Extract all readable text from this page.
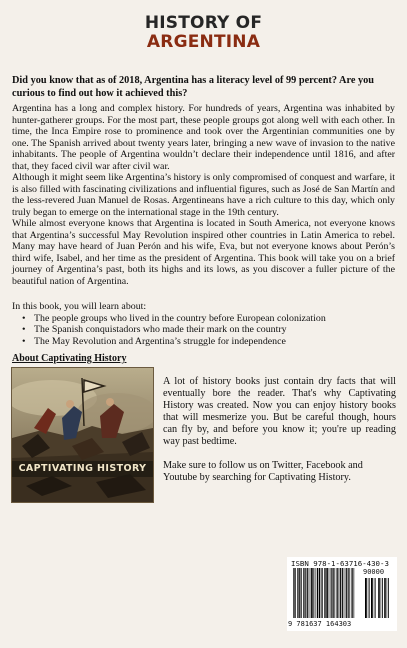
HISTORY OF
ARGENTINA
Did you know that as of 2018, Argentina has a literacy level of 99 percent? Are you curious to find out how it achieved this?

Argentina has a long and complex history. For hundreds of years, Argentina was inhabited by hunter-gatherer groups. For the most part, these people groups got along well with each other. In time, the Inca Empire rose to prominence and took over the Argentinian communities one by one. The Spanish arrived about twenty years later, bringing a new wave of invasion to the native inhabitants. The people of Argentina wouldn’t declare their independence until 1816, and after that, they faced civil war after civil war.

Although it might seem like Argentina’s history is only compromised of conquest and warfare, it is also filled with fascinating civilizations and influential figures, such as José de San Martín and the less-revered Juan Manuel de Rosas. Argentineans have a rich culture to this day, which only truly began to emerge on the international stage in the 19th century.

While almost everyone knows that Argentina is located in South America, not everyone knows that Argentina’s successful May Revolution inspired other countries in Latin America to rebel. Many may have heard of Juan Perón and his wife, Eva, but not everyone knows about Perón’s third wife, Isabel, and her time as the president of Argentina. This book will take you on a brief journey of Argentina’s past, both its highs and its lows, as you discover a fuller picture of the beautiful nation of Argentina.

In this book, you will learn about:
• The people groups who lived in the country before European colonization
• The Spanish conquistadors who made their mark on the country
• The May Revolution and Argentina’s struggle for independence
About Captivating History
CAPTIVATING HISTORY

A lot of history books just contain dry facts that will eventually bore the reader. That's why Captivating History was created. Now you can enjoy history books that will mesmerize you. But be careful though, hours can fly by, and before you know it; you're up reading way past bedtime.

Make sure to follow us on Twitter, Facebook and Youtube by searching for Captivating History.

ISBN 978-1-63716-430-3
90000
9 781637 164303
